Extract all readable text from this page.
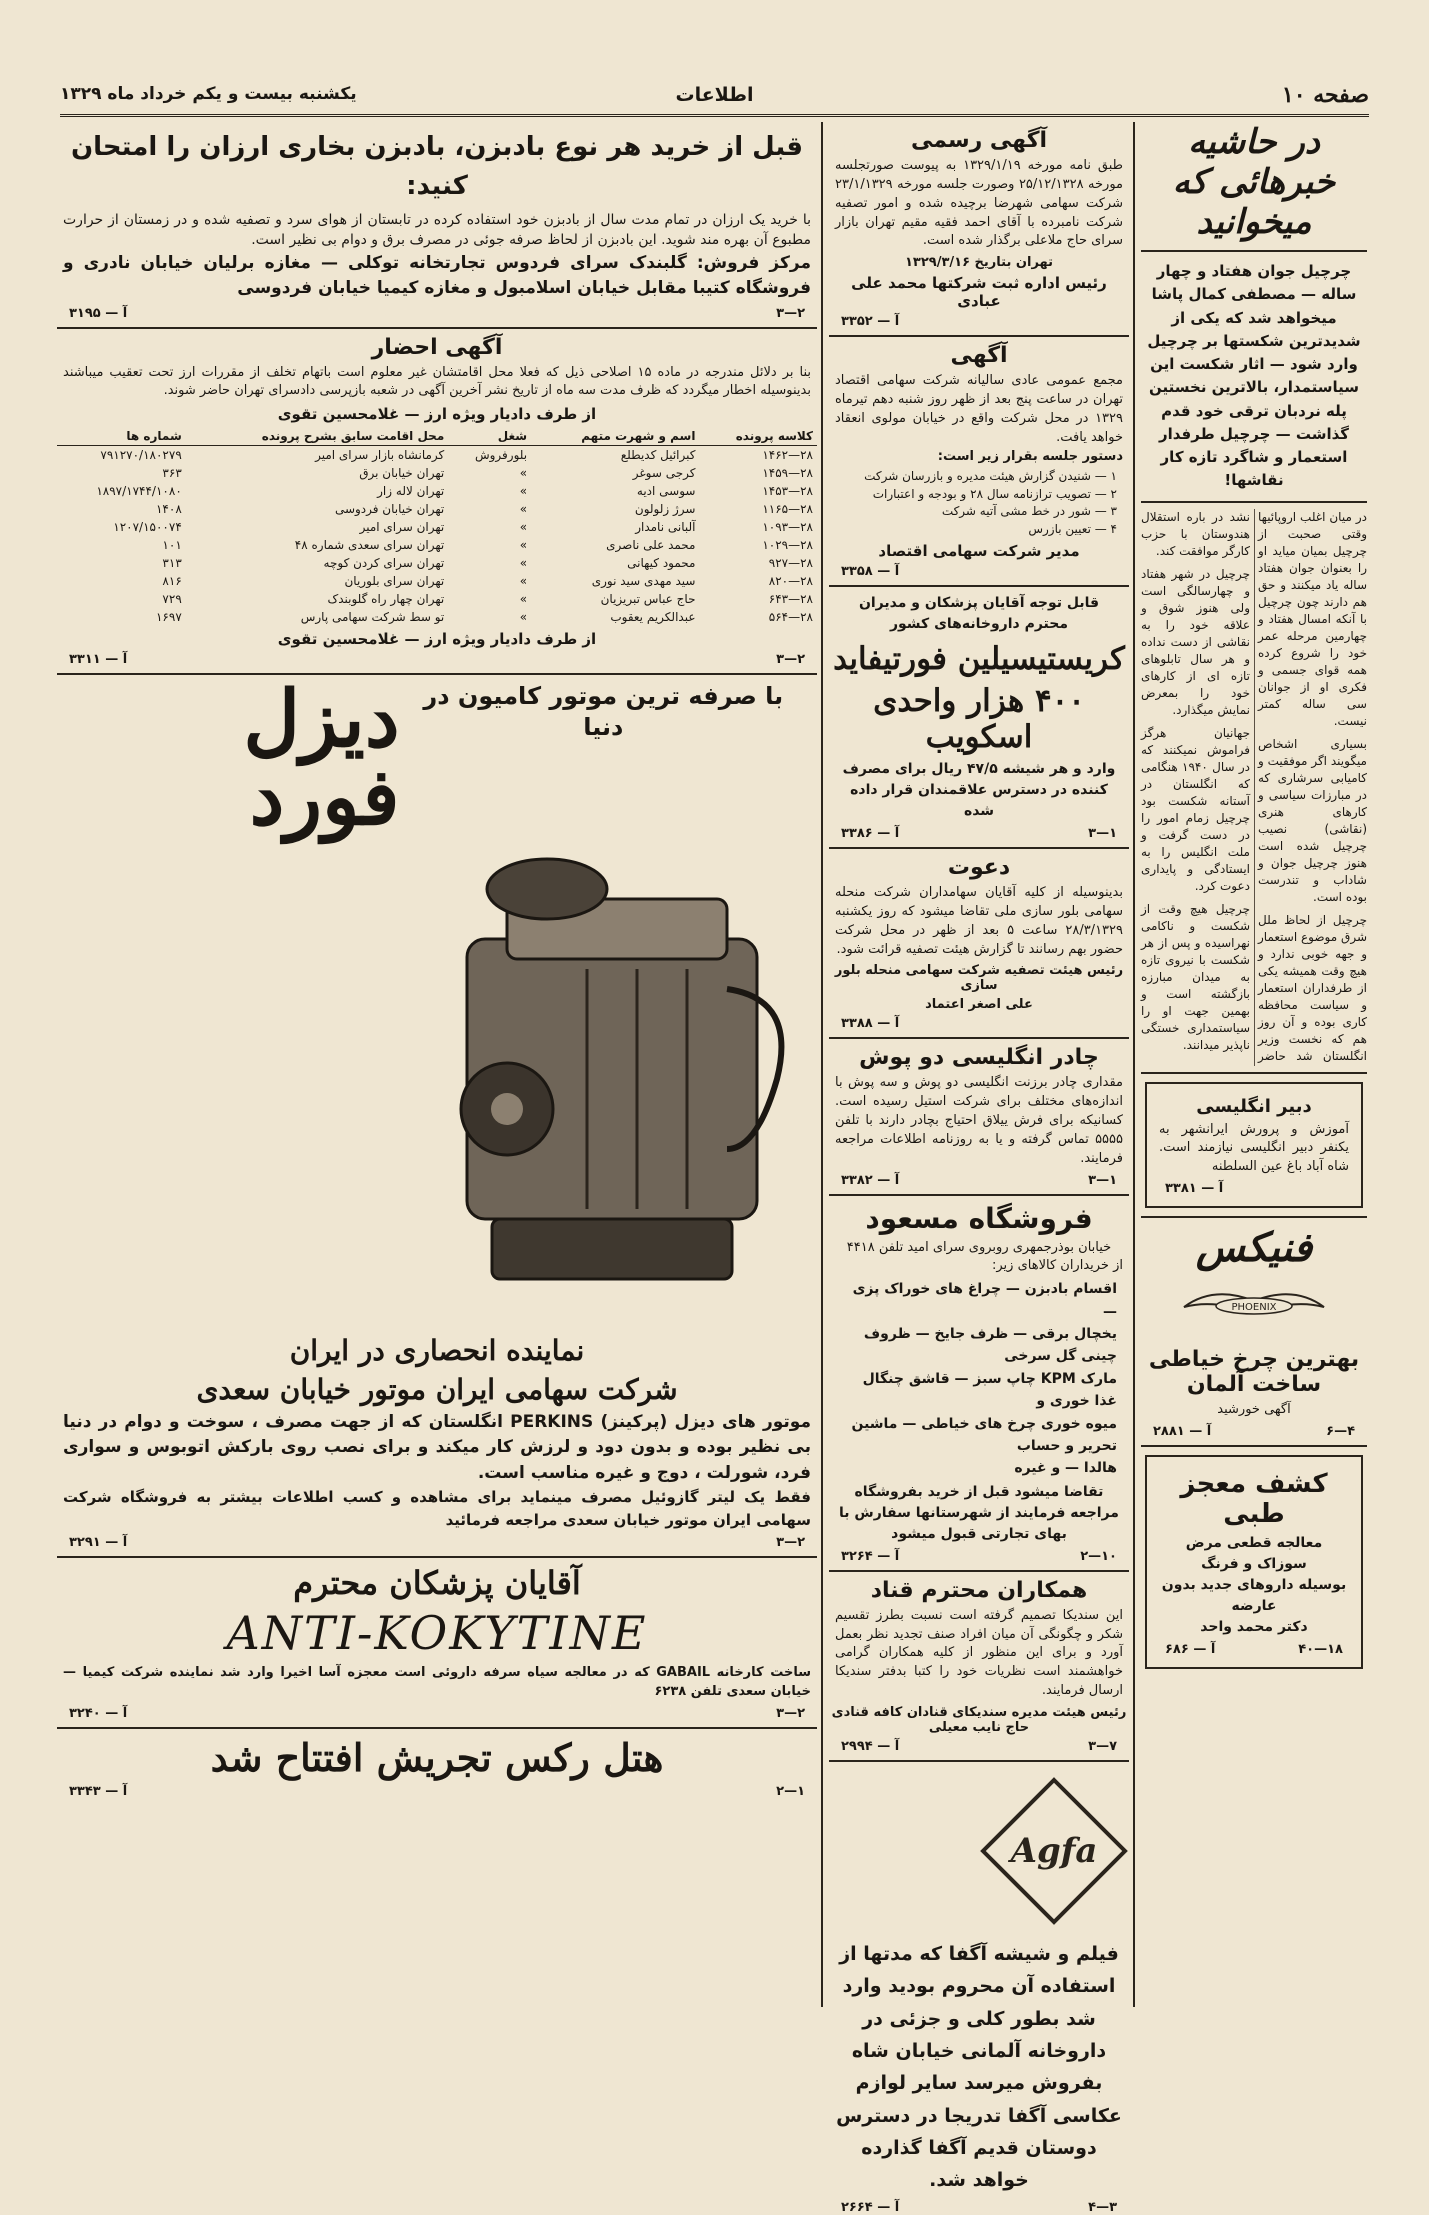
صفحه ۱۰
اطلاعات
یکشنبه بیست و یکم خرداد ماه ۱۳۲۹
در حاشیه خبرهائی که میخوانید
چرچیل جوان هفتاد و چهار ساله — مصطفی کمال پاشا میخواهد شد که یکی از شدیدترین شکستها بر چرچیل وارد شود — اثار شکست این سیاستمدار، بالاترین نخستین پله نردبان ترقی خود قدم گذاشت — چرچیل طرفدار استعمار و شاگرد تازه کار نقاشها!

در میان اغلب اروپائیها وقتی صحبت از چرچیل بمیان میاید او را بعنوان جوان هفتاد ساله یاد میکنند و حق هم دارند چون چرچیل با آنکه امسال هفتاد و چهارمین مرحله عمر خود را شروع کرده همه قوای جسمی و فکری او از جوانان سی ساله کمتر نیست.

بسیاری اشخاص میگویند اگر موفقیت و کامیابی سرشاری که در مبارزات سیاسی و کارهای هنری (نقاشی) نصیب چرچیل شده است هنوز چرچیل جوان و شاداب و تندرست بوده است.

چرچیل از لحاظ ملل شرق موضوع استعمار و جهه خوبی ندارد و هیچ وقت همیشه یکی از طرفداران استعمار و سیاست محافظه کاری بوده و آن روز هم که نخست وزیر انگلستان شد حاضر نشد در باره استقلال هندوستان با حزب کارگر موافقت کند.

چرچیل در شهر هفتاد و چهارسالگی است ولی هنوز شوق و علاقه خود را به نقاشی از دست نداده و هر سال تابلوهای تازه ای از کارهای خود را بمعرض نمایش میگذارد.

جهانیان هرگز فراموش نمیکنند که در سال ۱۹۴۰ هنگامی که انگلستان در آستانه شکست بود چرچیل زمام امور را در دست گرفت و ملت انگلیس را به ایستادگی و پایداری دعوت کرد.

چرچیل هیچ وقت از شکست و ناکامی نهراسیده و پس از هر شکست با نیروی تازه به میدان مبارزه بازگشته است و بهمین جهت او را سیاستمداری خستگی ناپذیر میدانند.

دبیر انگلیسی
آموزش و پرورش ایرانشهر به یکنفر دبیر انگلیسی نیازمند است. شاه آباد باغ عین السلطنه
آ — ۳۳۸۱
فنیکس
PHOENIX
بهترین چرخ خیاطی ساخت آلمان
آگهی خورشید
۴—۶
آ — ۲۸۸۱
کشف معجز طبی
معالجه قطعی مرض سوزاک و فرنگ
بوسیله داروهای جدید بدون عارضه
دکتر محمد واحد
۱۸—۴۰
آ — ۶۸۶
آگهی رسمی
طبق نامه مورخه ۱۳۲۹/۱/۱۹ به پیوست صورتجلسه مورخه ۲۵/۱۲/۱۳۲۸ وصورت جلسه مورخه ۲۳/۱/۱۳۲۹ شرکت سهامی شهرضا برچیده شده و امور تصفیه شرکت نامبرده با آقای احمد فقیه مقیم تهران بازار سرای حاج ملاعلی برگذار شده است.
تهران بتاریخ ۱۳۲۹/۳/۱۶
رئیس اداره ثبت شرکتها محمد علی عبادی
آ — ۳۳۵۲
آگهی
مجمع عمومی عادی سالیانه شرکت سهامی اقتصاد تهران در ساعت پنج بعد از ظهر روز شنبه دهم تیرماه ۱۳۲۹ در محل شرکت واقع در خیابان مولوی انعقاد خواهد یافت.
دستور جلسه بقرار زیر است:
۱ — شنیدن گزارش هیئت مدیره و بازرسان شرکت
۲ — تصویب ترازنامه سال ۲۸ و بودجه و اعتبارات
۳ — شور در خط مشی آتیه شرکت
۴ — تعیین بازرس
مدیر شرکت سهامی اقتصاد
آ — ۳۳۵۸
قابل توجه آقایان پزشکان و مدیران محترم داروخانه‌های کشور
کریستیسیلین فورتیفاید
۴۰۰ هزار واحدی اسکویب
وارد و هر شیشه ۴۷/۵ ریال برای مصرف کننده در دسترس علاقمندان قرار داده شده
۱—۳
آ — ۳۳۸۶
دعوت
بدینوسیله از کلیه آقایان سهامداران شرکت منحله سهامی بلور سازی ملی تقاضا میشود که روز یکشنبه ۲۸/۳/۱۳۲۹ ساعت ۵ بعد از ظهر در محل شرکت حضور بهم رسانند تا گزارش هیئت تصفیه قرائت شود.
رئیس هیئت تصفیه شرکت سهامی منحله بلور سازی
علی اصغر اعتماد
آ — ۳۳۸۸
چادر انگلیسی دو پوش
مقداری چادر برزنت انگلیسی دو پوش و سه پوش با اندازه‌های مختلف برای شرکت استیل رسیده است. کسانیکه برای فرش ییلاق احتیاج بچادر دارند با تلفن ۵۵۵۵ تماس گرفته و یا به روزنامه اطلاعات مراجعه فرمایند.
۱—۳
آ — ۳۳۸۲
فروشگاه مسعود
خیابان بوذرجمهری روبروی سرای امید تلفن ۴۴۱۸
از خریداران کالاهای زیر:
اقسام بادبزن — چراغ های خوراک پزی —
یخچال برقی — ظرف جایخ — ظروف چینی گل سرخی
مارک KPM چاپ سبز — قاشق چنگال غذا خوری و
میوه خوری چرخ های خیاطی — ماشین تحریر و حساب
هالدا — و غیره
تقاضا میشود قبل از خرید بفروشگاه مراجعه فرمایند از شهرستانها سفارش با بهای تجارتی قبول میشود
۱۰—۲
آ — ۳۲۶۴
همکاران محترم قناد
این سندیکا تصمیم گرفته است نسبت بطرز تقسیم شکر و چگونگی آن میان افراد صنف تجدید نظر بعمل آورد و برای این منظور از کلیه همکاران گرامی خواهشمند است نظریات خود را کتبا بدفتر سندیکا ارسال فرمایند.
رئیس هیئت مدیره سندیکای قنادان کافه قنادی حاج نایب معیلی
۷—۳
آ — ۲۹۹۴
Agfa
فیلم و شیشه آگفا که مدتها از استفاده آن محروم بودید وارد شد بطور کلی و جزئی در داروخانه آلمانی خیابان شاه بفروش میرسد سایر لوازم عکاسی آگفا تدریجا در دسترس دوستان قدیم آگفا گذارده خواهد شد.
۳—۴
آ — ۲۶۶۴
قبل از خرید هر نوع بادبزن، بادبزن بخاری ارزان را امتحان کنید:
با خرید یک ارزان در تمام مدت سال از بادبزن خود استفاده کرده در تابستان از هوای سرد و تصفیه شده و در زمستان از حرارت مطبوع آن بهره مند شوید. این بادبزن از لحاظ صرفه جوئی در مصرف برق و دوام بی نظیر است.
مرکز فروش: گلبندک سرای فردوس تجارتخانه توکلی — مغازه برلیان خیابان نادری و فروشگاه کتیبا مقابل خیابان اسلامبول و مغازه کیمیا خیابان فردوسی
۲—۳
آ — ۳۱۹۵
آگهی احضار
بنا بر دلائل مندرجه در ماده ۱۵ اصلاحی ذیل که فعلا محل اقامتشان غیر معلوم است باتهام تخلف از مقررات ارز تحت تعقیب میباشند بدینوسیله اخطار میگردد که ظرف مدت سه ماه از تاریخ نشر آخرین آگهی در شعبه بازپرسی دادسرای تهران حاضر شوند.
از طرف دادیار ویژه ارز — غلامحسین تقوی
کلاسه پرونده	اسم و شهرت متهم	شغل	محل اقامت سابق بشرح پرونده	شماره ها
۲۸—۱۴۶۲	کبرائیل کدیطلع	بلورفروش	کرمانشاه بازار سرای امیر	۷۹۱۲۷۰/۱۸۰۲۷۹
۲۸—۱۴۵۹	کرجی سوغر	»	تهران خیابان برق	۳۶۳
۲۸—۱۴۵۳	سوسی ادیه	»	تهران لاله زار	۱۸۹۷/۱۷۴۴/۱۰۸۰
۲۸—۱۱۶۵	سرژ زلولون	»	تهران خیابان فردوسی	۱۴۰۸
۲۸—۱۰۹۳	آلبانی نامدار	»	تهران سرای امیر	۱۲۰۷/۱۵۰۰۷۴
۲۸—۱۰۲۹	محمد علی ناصری	»	تهران سرای سعدی شماره ۴۸	۱۰۱
۲۸—۹۲۷	محمود کیهانی	»	تهران سرای کردن کوچه	۳۱۳
۲۸—۸۲۰	سید مهدی سید نوری	»	تهران سرای بلوریان	۸۱۶
۲۸—۶۴۳	حاج عباس تبریزیان	»	تهران چهار راه گلوبندک	۷۲۹
۲۸—۵۶۴	عبدالکریم یعقوب	»	تو سط شرکت سهامی پارس	۱۶۹۷
از طرف دادیار ویژه ارز — غلامحسین تقوی
۲—۳
آ — ۳۳۱۱
با صرفه ترین موتور کامیون در دنیا
دیزل فورد
نماینده انحصاری در ایران
شرکت سهامی ایران موتور خیابان سعدی
موتور های دیزل (پرکینز) PERKINS انگلستان که از جهت مصرف ، سوخت و دوام در دنیا بی نظیر بوده و بدون دود و لرزش کار میکند و برای نصب روی بارکش اتوبوس و سواری فرد، شورلت ، دوج و غیره مناسب است.
فقط یک لیتر گازوئیل مصرف مینماید برای مشاهده و کسب اطلاعات بیشتر به فروشگاه شرکت سهامی ایران موتور خیابان سعدی مراجعه فرمائید
۲—۳
آ — ۳۲۹۱
آقایان پزشکان محترم
ANTI-KOKYTINE
ساخت کارخانه GABAIL که در معالجه سیاه سرفه داروئی است معجزه آسا اخیرا وارد شد نماینده شرکت کیمیا — خیابان سعدی تلفن ۶۲۳۸
۲—۳
آ — ۳۲۴۰
هتل رکس تجریش افتتاح شد
۱—۲
آ — ۳۳۴۳
